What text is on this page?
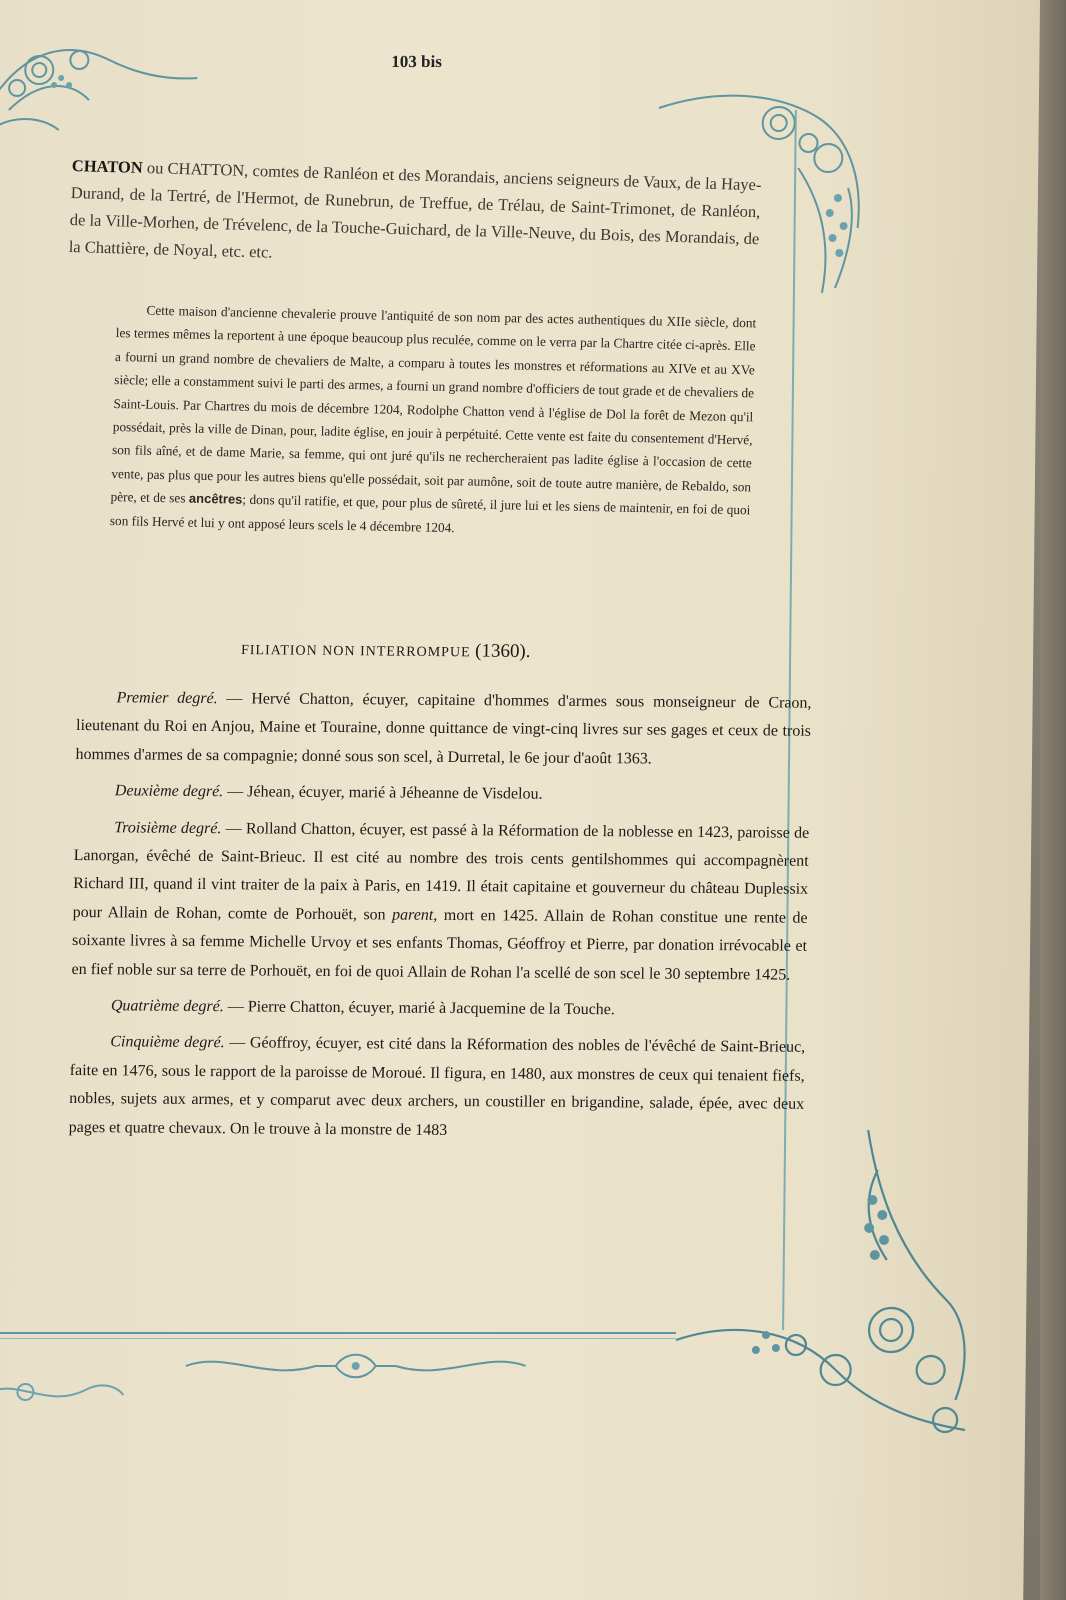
103 bis

CHATON ou CHATTON, comtes de Ranléon et des Morandais, anciens seigneurs de Vaux, de la Haye-Durand, de la Tertré, de l'Hermot, de Runebrun, de Treffue, de Trélau, de Saint-Trimonet, de Ranléon, de la Ville-Morhen, de Trévelenc, de la Touche-Guichard, de la Ville-Neuve, du Bois, des Morandais, de la Chattière, de Noyal, etc. etc.

Cette maison d'ancienne chevalerie prouve l'antiquité de son nom par des actes authentiques du XIIe siècle, dont les termes mêmes la reportent à une époque beaucoup plus reculée, comme on le verra par la Chartre citée ci-après. Elle a fourni un grand nombre de chevaliers de Malte, a comparu à toutes les monstres et réformations au XIVe et au XVe siècle; elle a constamment suivi le parti des armes, a fourni un grand nombre d'officiers de tout grade et de chevaliers de Saint-Louis. Par Chartres du mois de décembre 1204, Rodolphe Chatton vend à l'église de Dol la forêt de Mezon qu'il possédait, près la ville de Dinan, pour, ladite église, en jouir à perpétuité. Cette vente est faite du consentement d'Hervé, son fils aîné, et de dame Marie, sa femme, qui ont juré qu'ils ne rechercheraient pas ladite église à l'occasion de cette vente, pas plus que pour les autres biens qu'elle possédait, soit par aumône, soit de toute autre manière, de Rebaldo, son père, et de ses ancêtres; dons qu'il ratifie, et que, pour plus de sûreté, il jure lui et les siens de maintenir, en foi de quoi son fils Hervé et lui y ont apposé leurs scels le 4 décembre 1204.

FILIATION NON INTERROMPUE (1360).

Premier degré. — Hervé Chatton, écuyer, capitaine d'hommes d'armes sous monseigneur de Craon, lieutenant du Roi en Anjou, Maine et Touraine, donne quittance de vingt-cinq livres sur ses gages et ceux de trois hommes d'armes de sa compagnie; donné sous son scel, à Durretal, le 6e jour d'août 1363.

Deuxième degré. — Jéhean, écuyer, marié à Jéheanne de Visdelou.

Troisième degré. — Rolland Chatton, écuyer, est passé à la Réformation de la noblesse en 1423, paroisse de Lanorgan, évêché de Saint-Brieuc. Il est cité au nombre des trois cents gentilshommes qui accompagnèrent Richard III, quand il vint traiter de la paix à Paris, en 1419. Il était capitaine et gouverneur du château Duplessix pour Allain de Rohan, comte de Porhouët, son parent, mort en 1425. Allain de Rohan constitue une rente de soixante livres à sa femme Michelle Urvoy et ses enfants Thomas, Géoffroy et Pierre, par donation irrévocable et en fief noble sur sa terre de Porhouët, en foi de quoi Allain de Rohan l'a scellé de son scel le 30 septembre 1425.

Quatrième degré. — Pierre Chatton, écuyer, marié à Jacquemine de la Touche.

Cinquième degré. — Géoffroy, écuyer, est cité dans la Réformation des nobles de l'évêché de Saint-Brieuc, faite en 1476, sous le rapport de la paroisse de Moroué. Il figura, en 1480, aux monstres de ceux qui tenaient fiefs, nobles, sujets aux armes, et y comparut avec deux archers, un coustiller en brigandine, salade, épée, avec deux pages et quatre chevaux. On le trouve à la monstre de 1483
